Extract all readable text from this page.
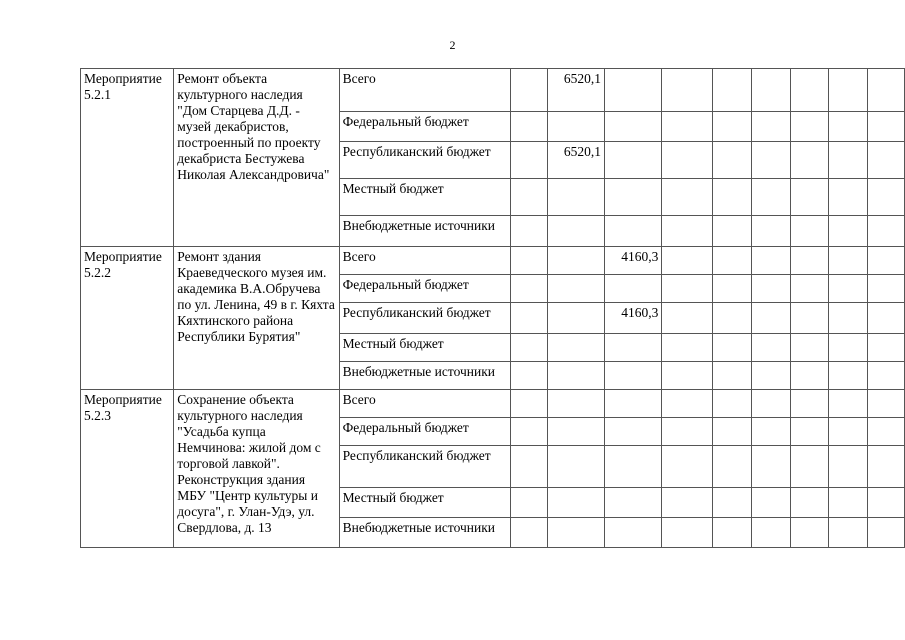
2
Мероприятие 5.2.1	Ремонт объекта культурного наследия "Дом Старцева Д.Д. - музей декабристов, построенный по проекту декабриста Бестужева Николая Александровича"	Всего		6520,1							
		Федеральный бюджет									
		Республиканский бюджет		6520,1							
		Местный бюджет									
		Внебюджетные источники									
Мероприятие 5.2.2	Ремонт здания Краеведческого музея им. академика В.А.Обручева по ул. Ленина, 49 в г. Кяхта Кяхтинского района Республики Бурятия"	Всего			4160,3						
		Федеральный бюджет									
		Республиканский бюджет			4160,3						
		Местный бюджет									
		Внебюджетные источники									
Мероприятие 5.2.3	Сохранение объекта культурного наследия "Усадьба купца Немчинова: жилой дом с торговой лавкой". Реконструкция здания МБУ "Центр культуры и досуга", г. Улан-Удэ, ул. Свердлова, д. 13	Всего									
		Федеральный бюджет									
		Республиканский бюджет									
		Местный бюджет									
		Внебюджетные источники									
